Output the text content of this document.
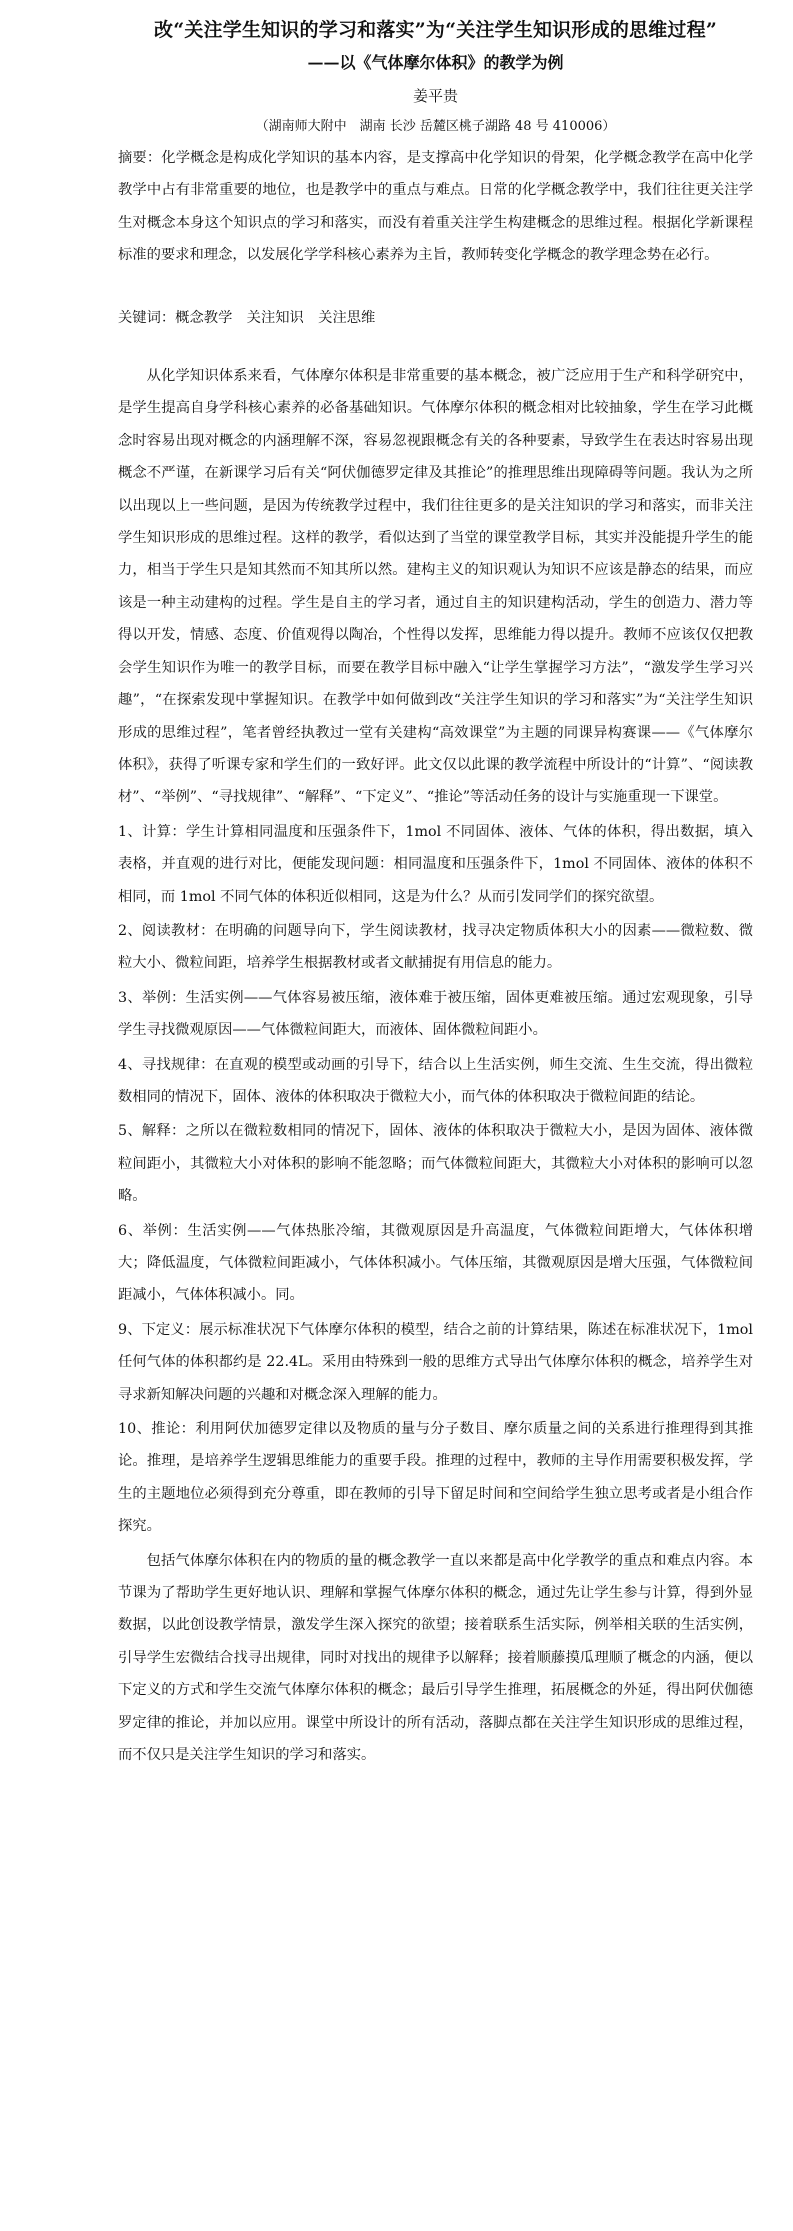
改“关注学生知识的学习和落实”为“关注学生知识形成的思维过程”
——以《气体摩尔体积》的教学为例
姜平贵
（湖南师大附中　湖南 长沙 岳麓区桃子湖路 48 号 410006）

摘要：化学概念是构成化学知识的基本内容，是支撑高中化学知识的骨架，化学概念教学在高中化学教学中占有非常重要的地位，也是教学中的重点与难点。日常的化学概念教学中，我们往往更关注学生对概念本身这个知识点的学习和落实，而没有着重关注学生构建概念的思维过程。根据化学新课程标准的要求和理念，以发展化学学科核心素养为主旨，教师转变化学概念的教学理念势在必行。

关键词：概念教学　关注知识　关注思维

从化学知识体系来看，气体摩尔体积是非常重要的基本概念，被广泛应用于生产和科学研究中，是学生提高自身学科核心素养的必备基础知识。气体摩尔体积的概念相对比较抽象，学生在学习此概念时容易出现对概念的内涵理解不深，容易忽视跟概念有关的各种要素，导致学生在表达时容易出现概念不严谨，在新课学习后有关“阿伏伽德罗定律及其推论”的推理思维出现障碍等问题。我认为之所以出现以上一些问题，是因为传统教学过程中，我们往往更多的是关注知识的学习和落实，而非关注学生知识形成的思维过程。这样的教学，看似达到了当堂的课堂教学目标，其实并没能提升学生的能力，相当于学生只是知其然而不知其所以然。建构主义的知识观认为知识不应该是静态的结果，而应该是一种主动建构的过程。学生是自主的学习者，通过自主的知识建构活动，学生的创造力、潜力等得以开发，情感、态度、价值观得以陶冶，个性得以发挥，思维能力得以提升。教师不应该仅仅把教会学生知识作为唯一的教学目标，而要在教学目标中融入“让学生掌握学习方法”，“激发学生学习兴趣”，“在探索发现中掌握知识。在教学中如何做到改“关注学生知识的学习和落实”为“关注学生知识形成的思维过程”，笔者曾经执教过一堂有关建构“高效课堂”为主题的同课异构赛课——《气体摩尔体积》，获得了听课专家和学生们的一致好评。此文仅以此课的教学流程中所设计的“计算”、“阅读教材”、“举例”、“寻找规律”、“解释”、“下定义”、“推论”等活动任务的设计与实施重现一下课堂。

1、计算：学生计算相同温度和压强条件下，1mol 不同固体、液体、气体的体积，得出数据，填入表格，并直观的进行对比，便能发现问题：相同温度和压强条件下，1mol 不同固体、液体的体积不相同，而 1mol 不同气体的体积近似相同，这是为什么？从而引发同学们的探究欲望。

2、阅读教材：在明确的问题导向下，学生阅读教材，找寻决定物质体积大小的因素——微粒数、微粒大小、微粒间距，培养学生根据教材或者文献捕捉有用信息的能力。

3、举例：生活实例——气体容易被压缩，液体难于被压缩，固体更难被压缩。通过宏观现象，引导学生寻找微观原因——气体微粒间距大，而液体、固体微粒间距小。

4、寻找规律：在直观的模型或动画的引导下，结合以上生活实例，师生交流、生生交流，得出微粒数相同的情况下，固体、液体的体积取决于微粒大小，而气体的体积取决于微粒间距的结论。

5、解释：之所以在微粒数相同的情况下，固体、液体的体积取决于微粒大小，是因为固体、液体微粒间距小，其微粒大小对体积的影响不能忽略；而气体微粒间距大，其微粒大小对体积的影响可以忽略。

6、举例：生活实例——气体热胀冷缩，其微观原因是升高温度，气体微粒间距增大，气体体积增大；降低温度，气体微粒间距减小，气体体积减小。气体压缩，其微观原因是增大压强，气体微粒间距减小，气体体积减小。同。

9、下定义：展示标准状况下气体摩尔体积的模型，结合之前的计算结果，陈述在标准状况下，1mol 任何气体的体积都约是 22.4L。采用由特殊到一般的思维方式导出气体摩尔体积的概念，培养学生对寻求新知解决问题的兴趣和对概念深入理解的能力。

10、推论：利用阿伏加德罗定律以及物质的量与分子数目、摩尔质量之间的关系进行推理得到其推论。推理，是培养学生逻辑思维能力的重要手段。推理的过程中，教师的主导作用需要积极发挥，学生的主题地位必须得到充分尊重，即在教师的引导下留足时间和空间给学生独立思考或者是小组合作探究。

包括气体摩尔体积在内的物质的量的概念教学一直以来都是高中化学教学的重点和难点内容。本节课为了帮助学生更好地认识、理解和掌握气体摩尔体积的概念，通过先让学生参与计算，得到外显数据，以此创设教学情景，激发学生深入探究的欲望；接着联系生活实际，例举相关联的生活实例，引导学生宏微结合找寻出规律，同时对找出的规律予以解释；接着顺藤摸瓜理顺了概念的内涵，便以下定义的方式和学生交流气体摩尔体积的概念；最后引导学生推理，拓展概念的外延，得出阿伏伽德罗定律的推论，并加以应用。课堂中所设计的所有活动，落脚点都在关注学生知识形成的思维过程，而不仅只是关注学生知识的学习和落实。
